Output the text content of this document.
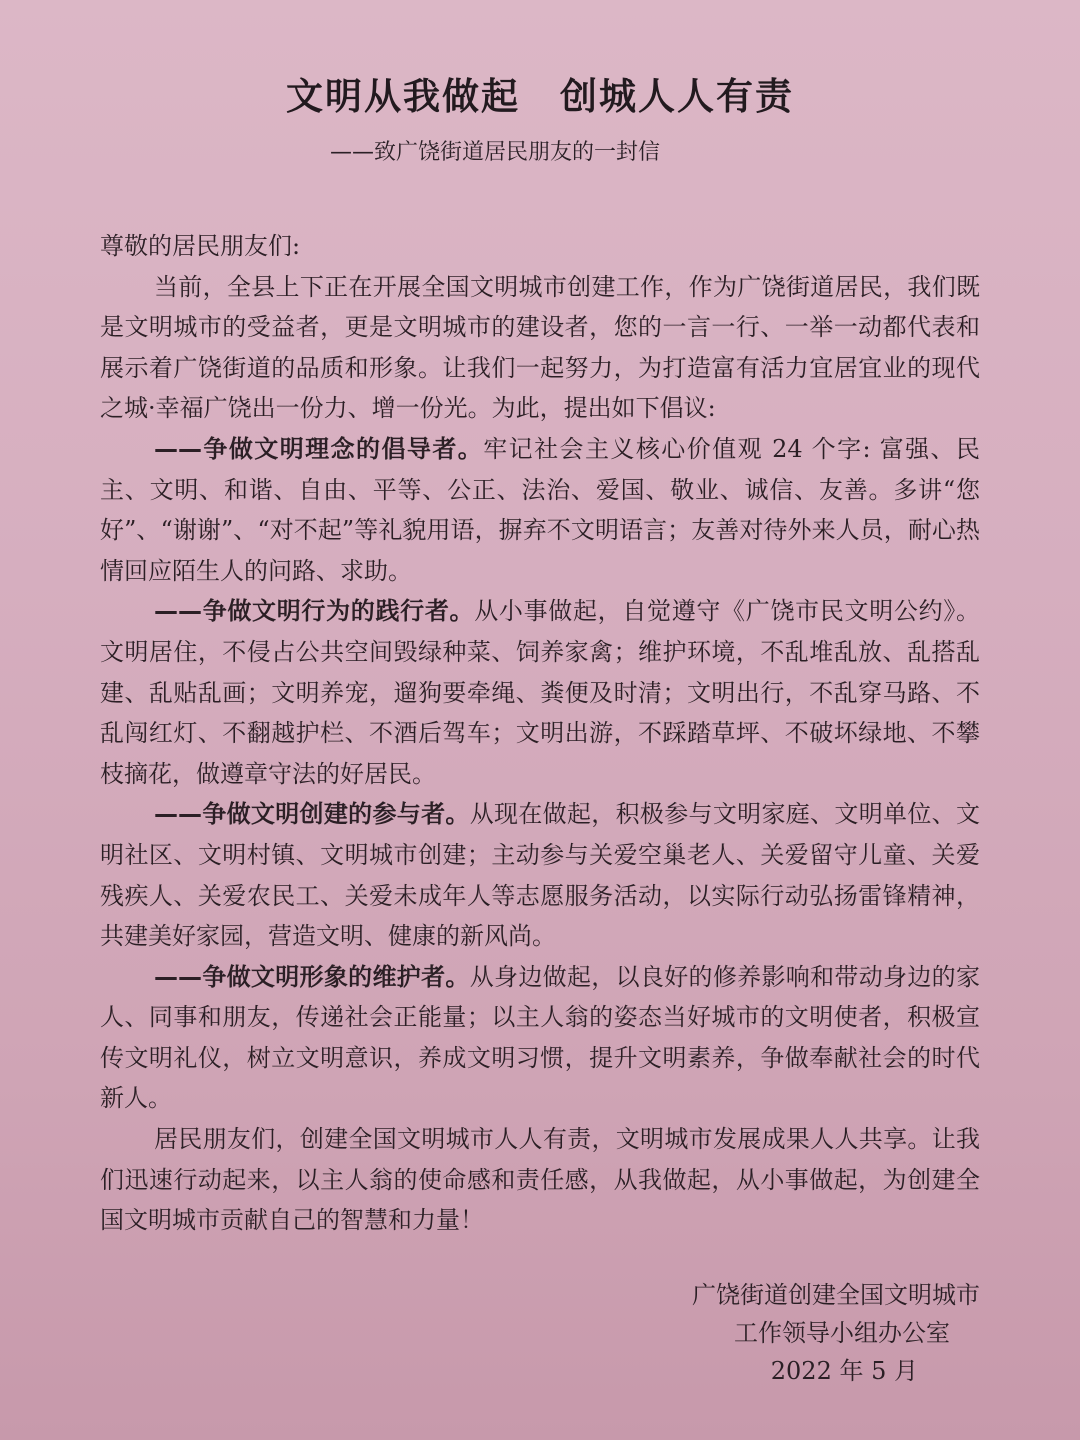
文明从我做起 创城人人有责
——致广饶街道居民朋友的一封信

尊敬的居民朋友们:

当前，全县上下正在开展全国文明城市创建工作，作为广饶街道居民，我们既是文明城市的受益者，更是文明城市的建设者，您的一言一行、一举一动都代表和展示着广饶街道的品质和形象。让我们一起努力，为打造富有活力宜居宜业的现代之城·幸福广饶出一份力、增一份光。为此，提出如下倡议:

——争做文明理念的倡导者。牢记社会主义核心价值观 24 个字: 富强、民主、文明、和谐、自由、平等、公正、法治、爱国、敬业、诚信、友善。多讲“您好”、“谢谢”、“对不起”等礼貌用语，摒弃不文明语言；友善对待外来人员，耐心热情回应陌生人的问路、求助。

——争做文明行为的践行者。从小事做起，自觉遵守《广饶市民文明公约》。文明居住，不侵占公共空间毁绿种菜、饲养家禽；维护环境，不乱堆乱放、乱搭乱建、乱贴乱画；文明养宠，遛狗要牵绳、粪便及时清；文明出行，不乱穿马路、不乱闯红灯、不翻越护栏、不酒后驾车；文明出游，不踩踏草坪、不破坏绿地、不攀枝摘花，做遵章守法的好居民。

——争做文明创建的参与者。从现在做起，积极参与文明家庭、文明单位、文明社区、文明村镇、文明城市创建；主动参与关爱空巢老人、关爱留守儿童、关爱残疾人、关爱农民工、关爱未成年人等志愿服务活动，以实际行动弘扬雷锋精神，共建美好家园，营造文明、健康的新风尚。

——争做文明形象的维护者。从身边做起，以良好的修养影响和带动身边的家人、同事和朋友，传递社会正能量；以主人翁的姿态当好城市的文明使者，积极宣传文明礼仪，树立文明意识，养成文明习惯，提升文明素养，争做奉献社会的时代新人。

居民朋友们，创建全国文明城市人人有责，文明城市发展成果人人共享。让我们迅速行动起来，以主人翁的使命感和责任感，从我做起，从小事做起，为创建全国文明城市贡献自己的智慧和力量！

广饶街道创建全国文明城市
工作领导小组办公室
2022 年 5 月
